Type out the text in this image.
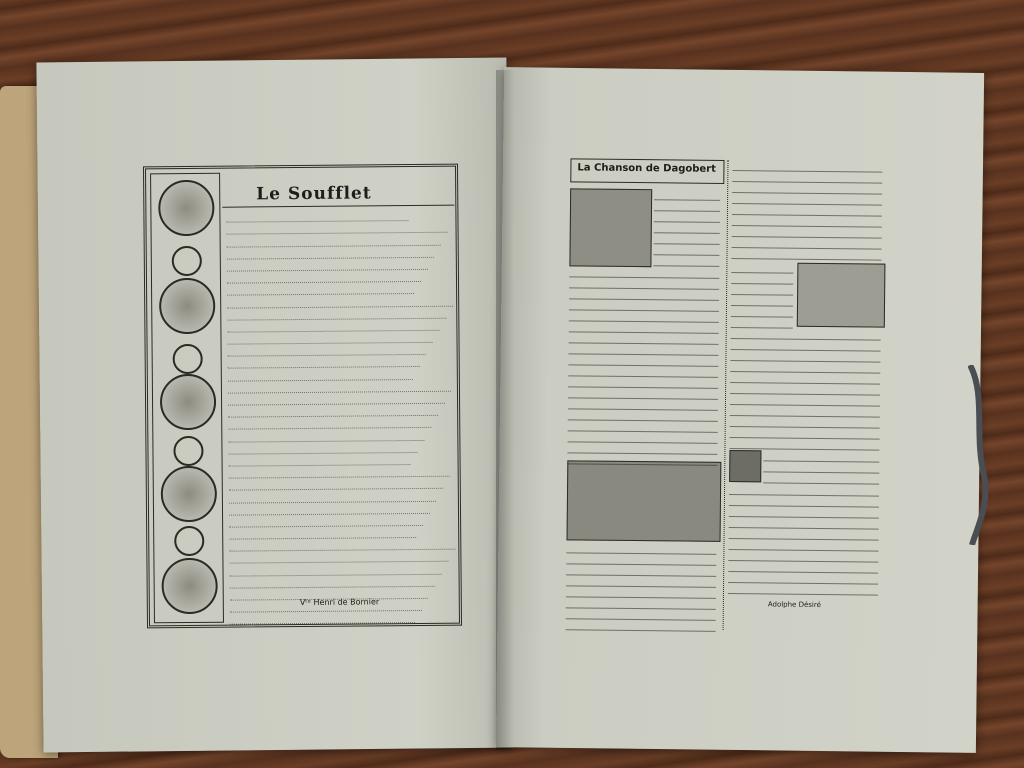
Le Soufflet
Vᵗᵉ Henri de Bornier
La Chanson de Dagobert
Adolphe Désiré
